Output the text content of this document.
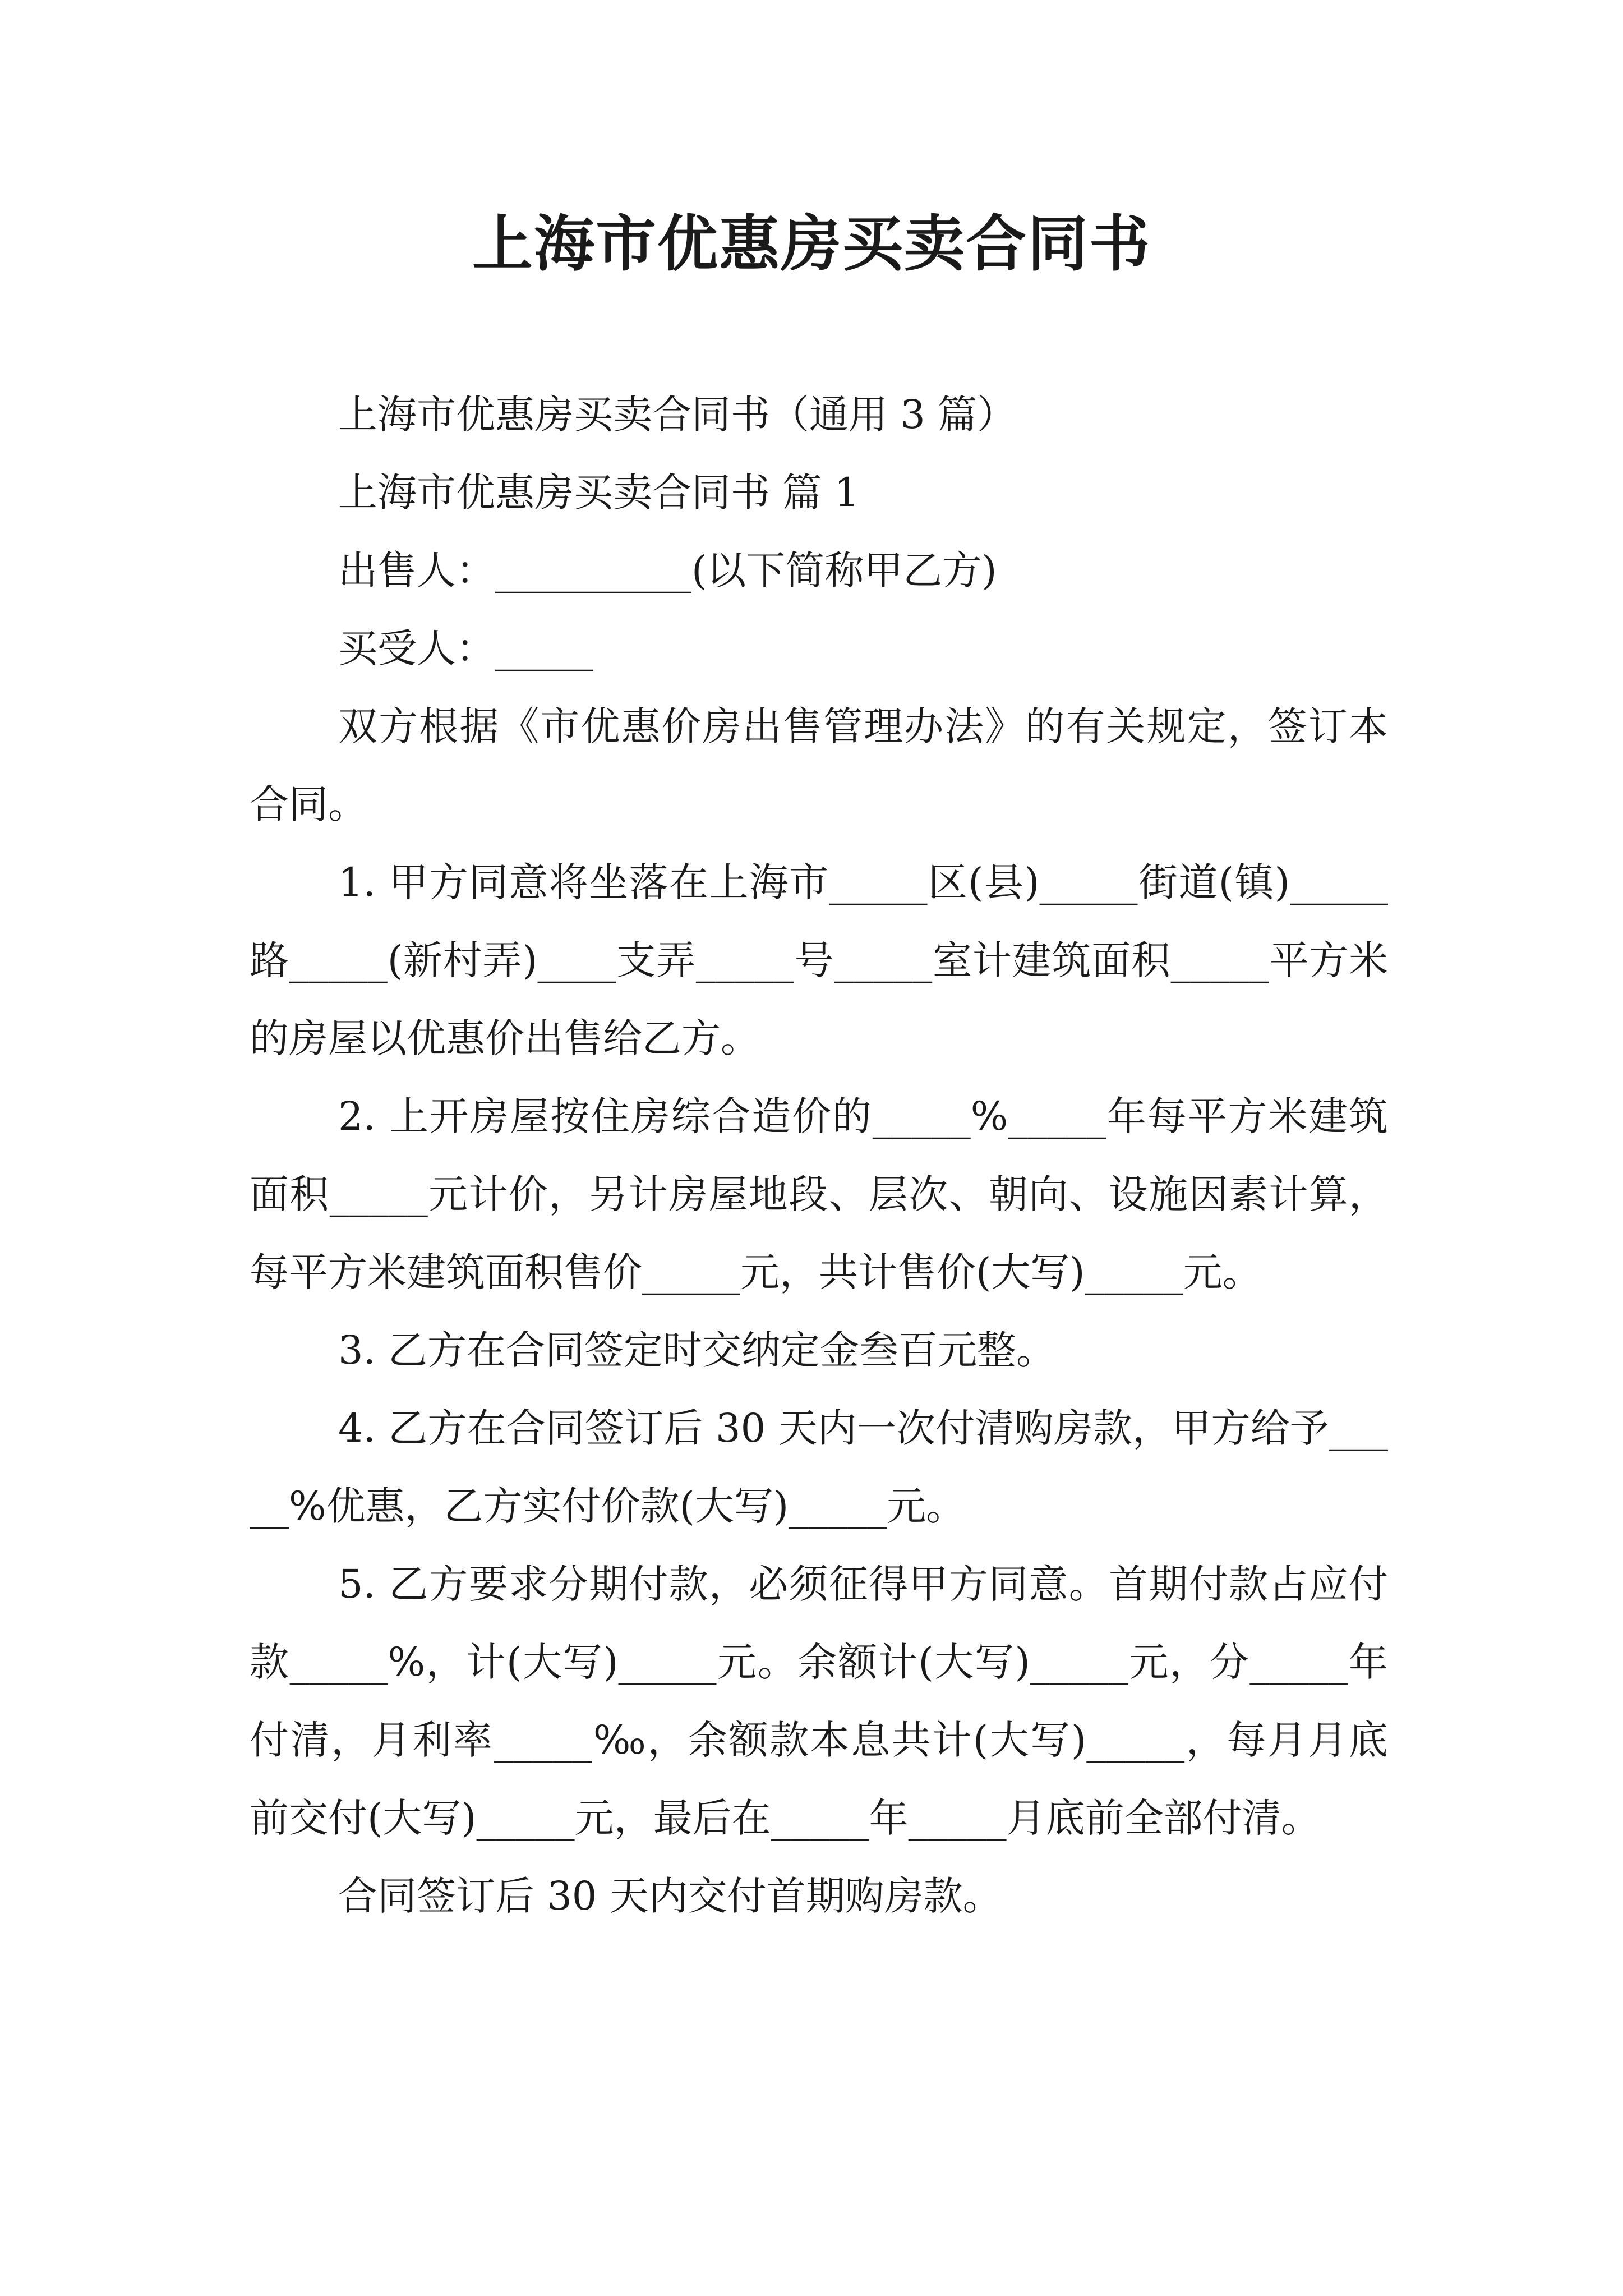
上海市优惠房买卖合同书

上海市优惠房买卖合同书（通用 3 篇）

上海市优惠房买卖合同书 篇 1

出售人：__________(以下简称甲乙方)

买受人：_____

双方根据《市优惠价房出售管理办法》的有关规定，签订本合同。

1. 甲方同意将坐落在上海市_____区(县)_____街道(镇)_____路_____(新村弄)____支弄_____号_____室计建筑面积_____平方米的房屋以优惠价出售给乙方。

2. 上开房屋按住房综合造价的_____%_____年每平方米建筑面积_____元计价，另计房屋地段、层次、朝向、设施因素计算，每平方米建筑面积售价_____元，共计售价(大写)_____元。

3. 乙方在合同签定时交纳定金叁百元整。

4. 乙方在合同签订后 30 天内一次付清购房款，甲方给予_____%优惠，乙方实付价款(大写)_____元。

5. 乙方要求分期付款，必须征得甲方同意。首期付款占应付款_____%，计(大写)_____元。余额计(大写)_____元，分_____年付清，月利率_____‰，余额款本息共计(大写)_____，每月月底前交付(大写)_____元，最后在_____年_____月底前全部付清。

合同签订后 30 天内交付首期购房款。
